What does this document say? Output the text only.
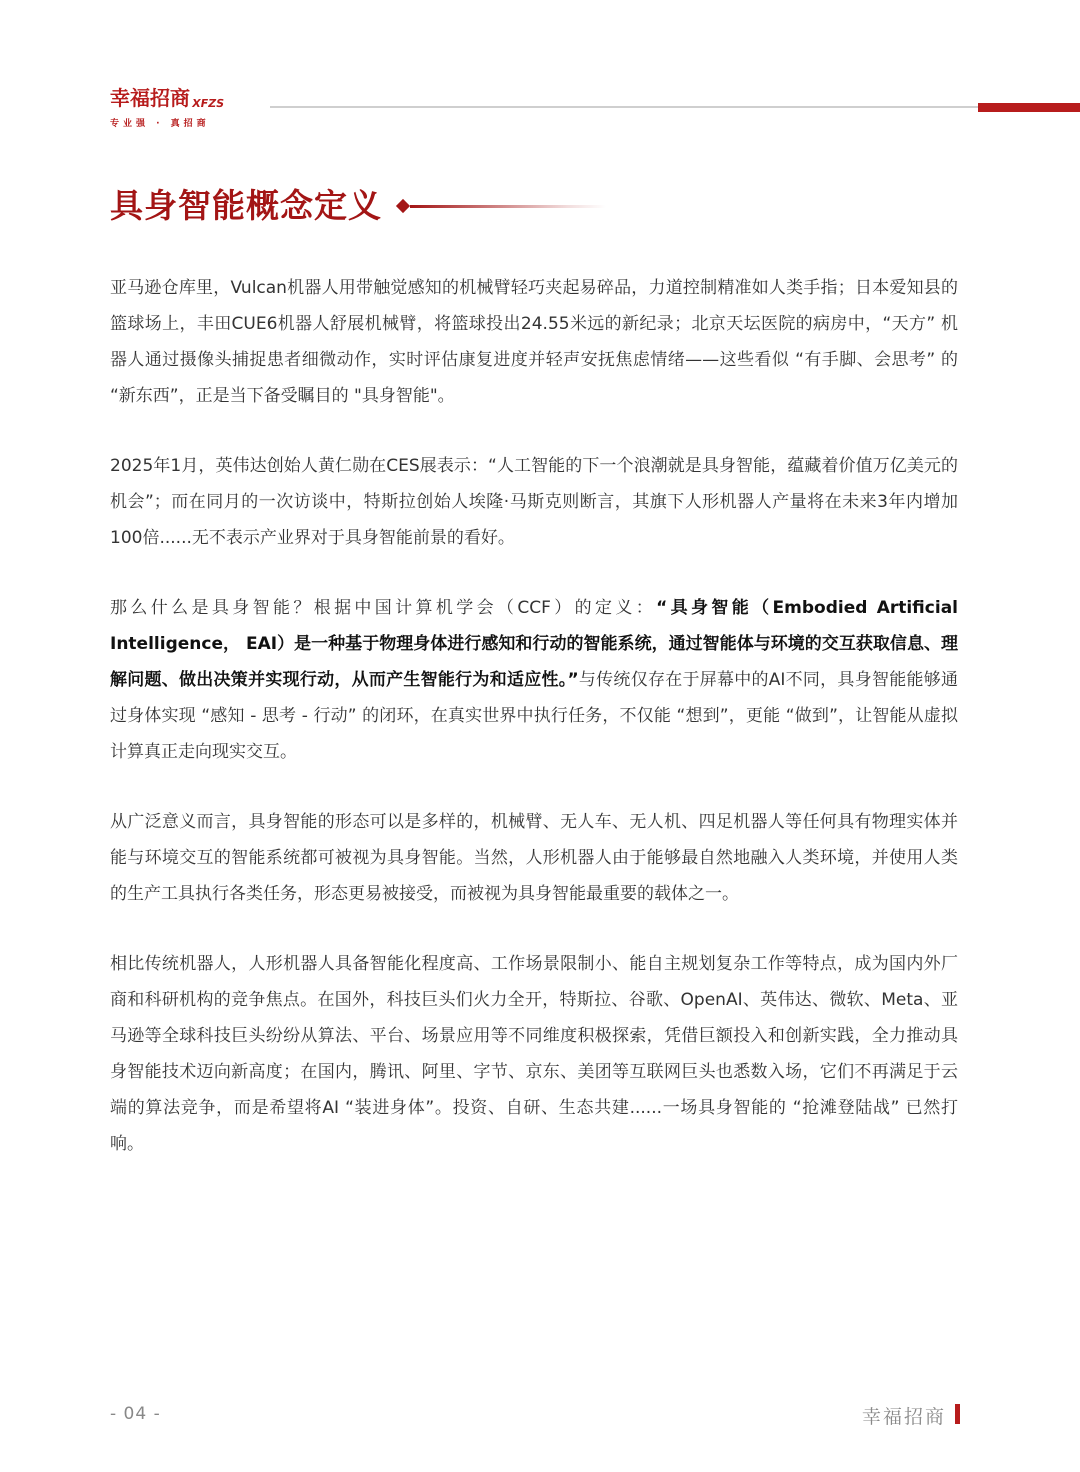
幸福招商 XFZS
专业强 · 真招商
具身智能概念定义

亚马逊仓库里，Vulcan机器人用带触觉感知的机械臂轻巧夹起易碎品，力道控制精准如人类手指；日本爱知县的篮球场上，丰田CUE6机器人舒展机械臂，将篮球投出24.55米远的新纪录；北京天坛医院的病房中，“天方” 机器人通过摄像头捕捉患者细微动作，实时评估康复进度并轻声安抚焦虑情绪——这些看似 “有手脚、会思考” 的 “新东西”，正是当下备受瞩目的 "具身智能"。

2025年1月，英伟达创始人黄仁勋在CES展表示：“人工智能的下一个浪潮就是具身智能，蕴藏着价值万亿美元的机会”；而在同月的一次访谈中，特斯拉创始人埃隆·马斯克则断言，其旗下人形机器人产量将在未来3年内增加100倍......无不表示产业界对于具身智能前景的看好。

那么什么是具身智能？根据中国计算机学会（CCF）的定义：“具身智能（Embodied Artificial Intelligence， EAI）是一种基于物理身体进行感知和行动的智能系统，通过智能体与环境的交互获取信息、理解问题、做出决策并实现行动，从而产生智能行为和适应性。”与传统仅存在于屏幕中的AI不同，具身智能能够通过身体实现 “感知 - 思考 - 行动” 的闭环，在真实世界中执行任务，不仅能 “想到”，更能 “做到”，让智能从虚拟计算真正走向现实交互。

从广泛意义而言，具身智能的形态可以是多样的，机械臂、无人车、无人机、四足机器人等任何具有物理实体并能与环境交互的智能系统都可被视为具身智能。当然，人形机器人由于能够最自然地融入人类环境，并使用人类的生产工具执行各类任务，形态更易被接受，而被视为具身智能最重要的载体之一。

相比传统机器人，人形机器人具备智能化程度高、工作场景限制小、能自主规划复杂工作等特点，成为国内外厂商和科研机构的竞争焦点。在国外，科技巨头们火力全开，特斯拉、谷歌、OpenAI、英伟达、微软、Meta、亚马逊等全球科技巨头纷纷从算法、平台、场景应用等不同维度积极探索，凭借巨额投入和创新实践，全力推动具身智能技术迈向新高度；在国内，腾讯、阿里、字节、京东、美团等互联网巨头也悉数入场，它们不再满足于云端的算法竞争，而是希望将AI “装进身体”。投资、自研、生态共建......一场具身智能的 “抢滩登陆战” 已然打响。

- 04 -	幸福招商
